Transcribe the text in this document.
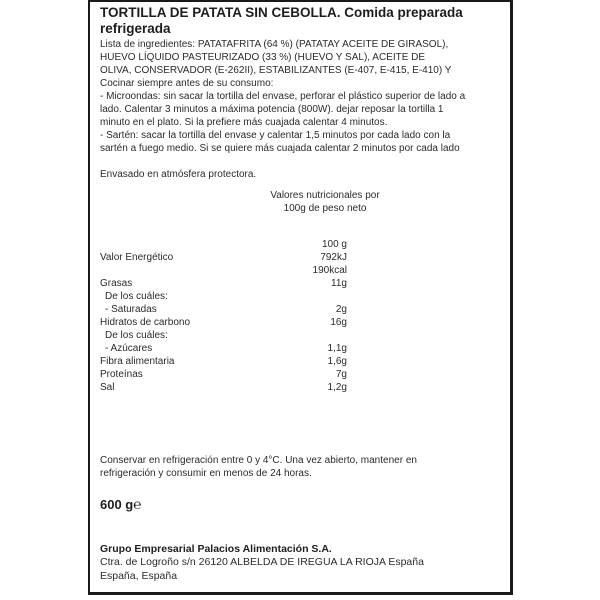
TORTILLA DE PATATA SIN CEBOLLA. Comida preparada refrigerada
Lista de ingredientes: PATATAFRITA (64 %) (PATATAY ACEITE DE GIRASOL),
HUEVO LÍQUIDO PASTEURIZADO (33 %) (HUEVO Y SAL), ACEITE DE
OLIVA, CONSERVADOR (E-262II), ESTABILIZANTES (E-407, E-415, E-410) Y
Cocinar siempre antes de su consumo:
- Microondas: sin sacar la tortilla del envase, perforar el plástico superior de lado a
lado. Calentar 3 minutos a máxima potencia (800W). dejar reposar la tortilla 1
minuto en el plato. Si la prefiere más cuajada calentar 4 minutos.
- Sartén: sacar la tortilla del envase y calentar 1,5 minutos por cada lado con la
sartén a fuego medio. Si se quiere más cuajada calentar 2 minutos por cada lado
Envasado en atmósfera protectora.
Valores nutricionales por
100g de peso neto
100 g
Valor Energético	792kJ
190kcal
Grasas	11g
De los cuáles:
- Saturadas	2g
Hidratos de carbono	16g
De los cuáles:
- Azúcares	1,1g
Fibra alimentaria	1,6g
Proteínas	7g
Sal	1,2g
Conservar en refrigeración entre 0 y 4°C. Una vez abierto, mantener en
refrigeración y consumir en menos de 24 horas.
600 g℮
Grupo Empresarial Palacios Alimentación S.A.
Ctra. de Logroño s/n 26120 ALBELDA DE IREGUA LA RIOJA España
España, España
